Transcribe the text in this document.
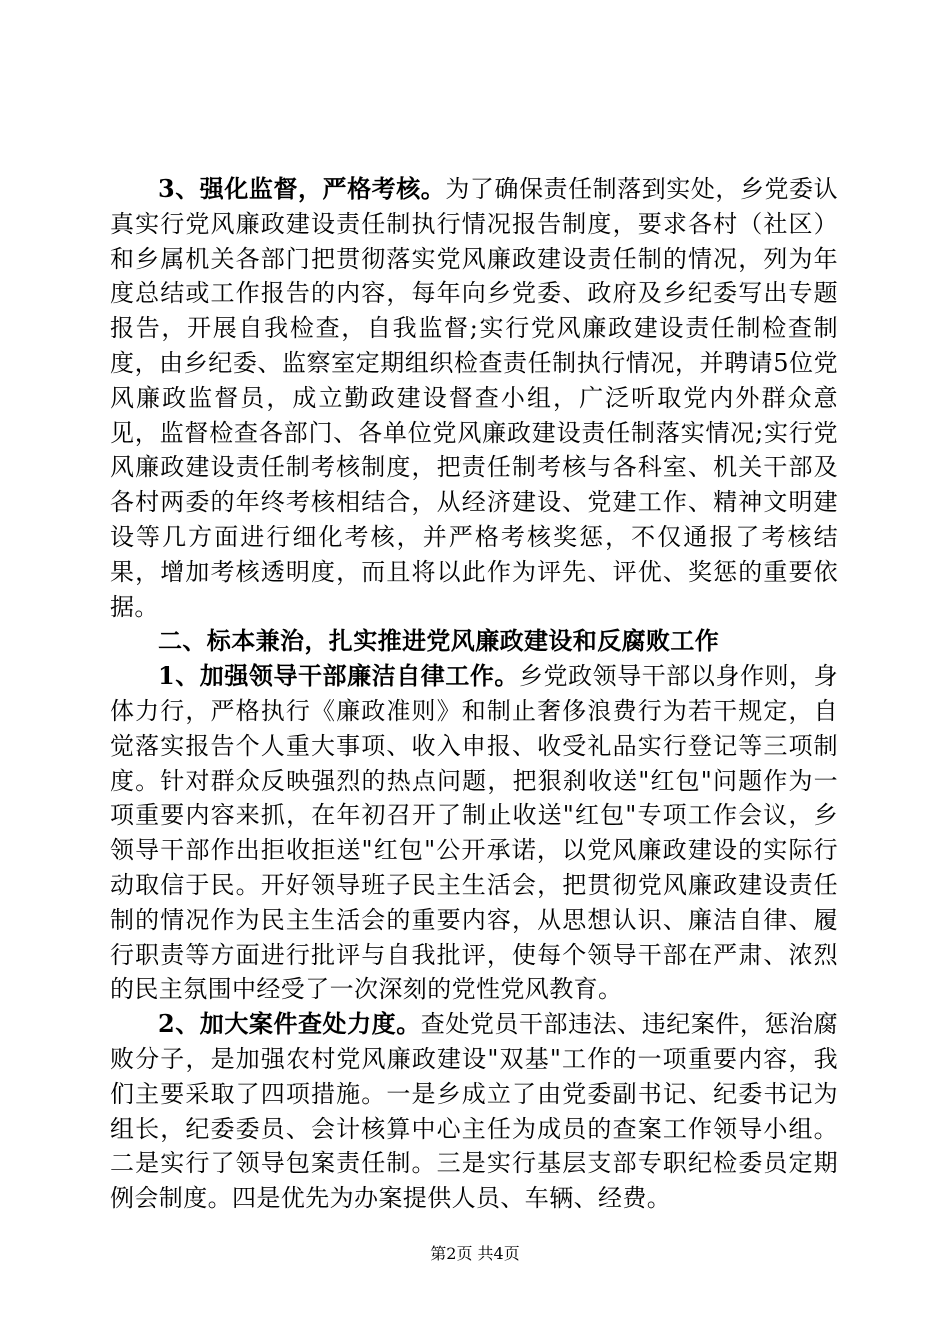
3、强化监督，严格考核。为了确保责任制落到实处，乡党委认真实行党风廉政建设责任制执行情况报告制度，要求各村（社区）和乡属机关各部门把贯彻落实党风廉政建设责任制的情况，列为年度总结或工作报告的内容，每年向乡党委、政府及乡纪委写出专题报告，开展自我检查，自我监督;实行党风廉政建设责任制检查制度，由乡纪委、监察室定期组织检查责任制执行情况，并聘请5位党风廉政监督员，成立勤政建设督查小组，广泛听取党内外群众意见，监督检查各部门、各单位党风廉政建设责任制落实情况;实行党风廉政建设责任制考核制度，把责任制考核与各科室、机关干部及各村两委的年终考核相结合，从经济建设、党建工作、精神文明建设等几方面进行细化考核，并严格考核奖惩，不仅通报了考核结果，增加考核透明度，而且将以此作为评先、评优、奖惩的重要依据。

二、标本兼治，扎实推进党风廉政建设和反腐败工作

1、加强领导干部廉洁自律工作。乡党政领导干部以身作则，身体力行，严格执行《廉政准则》和制止奢侈浪费行为若干规定，自觉落实报告个人重大事项、收入申报、收受礼品实行登记等三项制度。针对群众反映强烈的热点问题，把狠刹收送"红包"问题作为一项重要内容来抓，在年初召开了制止收送"红包"专项工作会议，乡领导干部作出拒收拒送"红包"公开承诺，以党风廉政建设的实际行动取信于民。开好领导班子民主生活会，把贯彻党风廉政建设责任制的情况作为民主生活会的重要内容，从思想认识、廉洁自律、履行职责等方面进行批评与自我批评，使每个领导干部在严肃、浓烈的民主氛围中经受了一次深刻的党性党风教育。

2、加大案件查处力度。查处党员干部违法、违纪案件，惩治腐败分子，是加强农村党风廉政建设"双基"工作的一项重要内容，我们主要采取了四项措施。一是乡成立了由党委副书记、纪委书记为组长，纪委委员、会计核算中心主任为成员的查案工作领导小组。二是实行了领导包案责任制。三是实行基层支部专职纪检委员定期例会制度。四是优先为办案提供人员、车辆、经费。

第2页 共4页
